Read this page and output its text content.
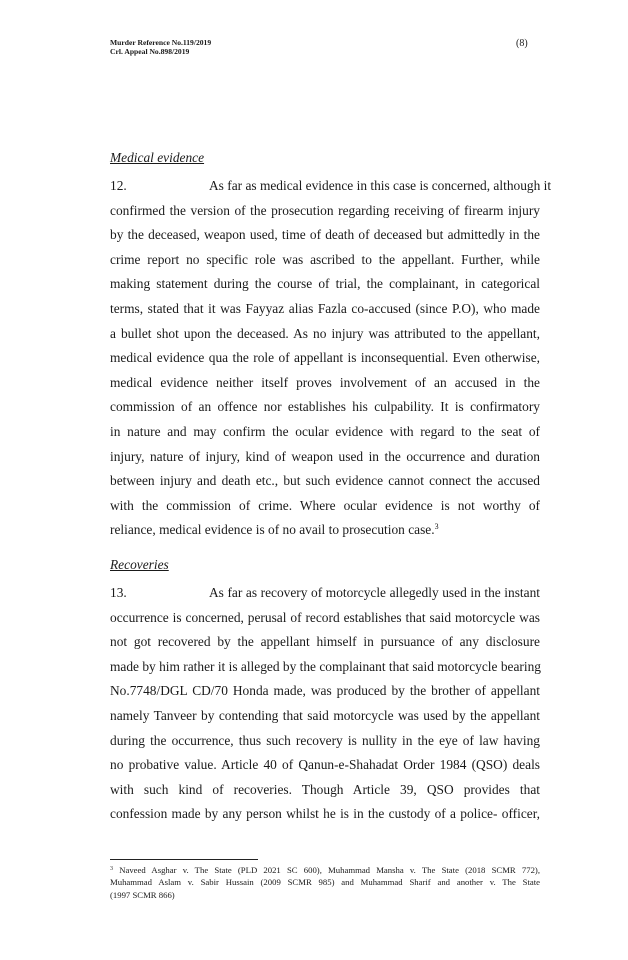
Murder Reference No.119/2019
Crl. Appeal No.898/2019
(8)
Medical evidence
12.	As far as medical evidence in this case is concerned, although it
confirmed the version of the prosecution regarding receiving of firearm injury
by the deceased, weapon used, time of death of deceased but admittedly in the
crime report no specific role was ascribed to the appellant. Further, while
making statement during the course of trial, the complainant, in categorical
terms, stated that it was Fayyaz alias Fazla co-accused (since P.O), who made
a bullet shot upon the deceased. As no injury was attributed to the appellant,
medical evidence qua the role of appellant is inconsequential. Even otherwise,
medical evidence neither itself proves involvement of an accused in the
commission of an offence nor establishes his culpability. It is confirmatory
in nature and may confirm the ocular evidence with regard to the seat of
injury, nature of injury, kind of weapon used in the occurrence and duration
between injury and death etc., but such evidence cannot connect the accused
with the commission of crime. Where ocular evidence is not worthy of
reliance, medical evidence is of no avail to prosecution case.$^3$
Recoveries
13.	As far as recovery of motorcycle allegedly used in the instant
occurrence is concerned, perusal of record establishes that said motorcycle was
not got recovered by the appellant himself in pursuance of any disclosure
made by him rather it is alleged by the complainant that said motorcycle bearing
No.7748/DGL CD/70 Honda made, was produced by the brother of appellant
namely Tanveer by contending that said motorcycle was used by the appellant
during the occurrence, thus such recovery is nullity in the eye of law having
no probative value. Article 40 of Qanun-e-Shahadat Order 1984 (QSO) deals
with such kind of recoveries. Though Article 39, QSO provides that
confession made by any person whilst he is in the custody of a police- officer,
$^3$ Naveed Asghar v. The State (PLD 2021 SC 600), Muhammad Mansha v. The State (2018 SCMR 772),
Muhammad Aslam v. Sabir Hussain (2009 SCMR 985) and Muhammad Sharif and another v. The State
(1997 SCMR 866)
